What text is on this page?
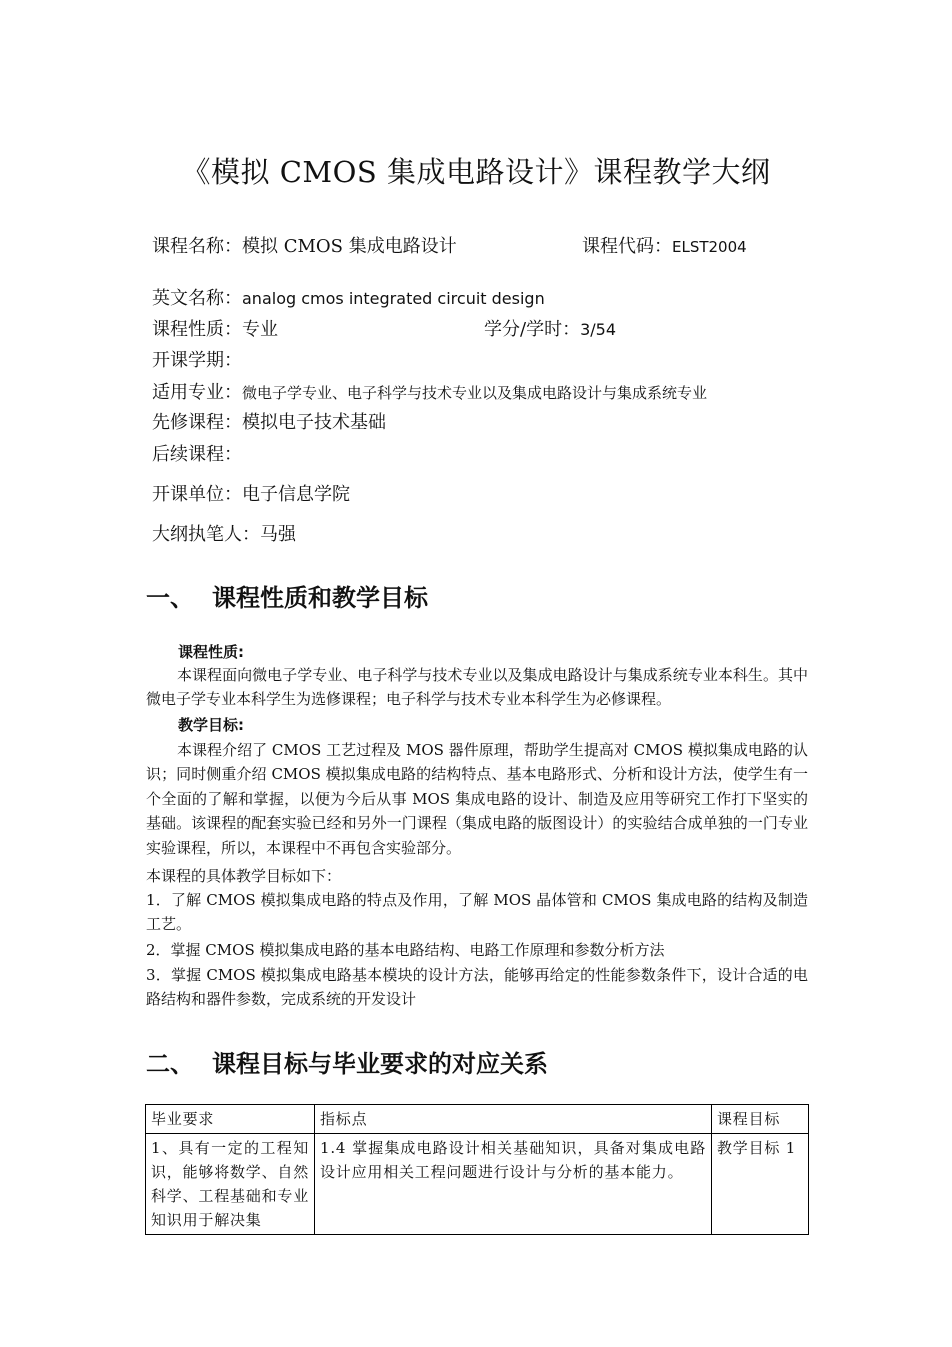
《模拟 CMOS 集成电路设计》课程教学大纲
课程名称：模拟 CMOS 集成电路设计	课程代码：ELST2004
英文名称：analog cmos integrated circuit design
课程性质：专业	学分/学时：3/54
开课学期：
适用专业：微电子学专业、电子科学与技术专业以及集成电路设计与集成系统专业
先修课程：模拟电子技术基础
后续课程：
开课单位：电子信息学院
大纲执笔人：马强
一、 课程性质和教学目标
课程性质:
本课程面向微电子学专业、电子科学与技术专业以及集成电路设计与集成系统专业本科生。其中微电子学专业本科学生为选修课程；电子科学与技术专业本科学生为必修课程。
教学目标:
本课程介绍了 CMOS 工艺过程及 MOS 器件原理，帮助学生提高对 CMOS 模拟集成电路的认识；同时侧重介绍 CMOS 模拟集成电路的结构特点、基本电路形式、分析和设计方法，使学生有一个全面的了解和掌握，以便为今后从事 MOS 集成电路的设计、制造及应用等研究工作打下坚实的基础。该课程的配套实验已经和另外一门课程（集成电路的版图设计）的实验结合成单独的一门专业实验课程，所以，本课程中不再包含实验部分。
本课程的具体教学目标如下：
1．了解 CMOS 模拟集成电路的特点及作用，了解 MOS 晶体管和 CMOS 集成电路的结构及制造工艺。
2．掌握 CMOS 模拟集成电路的基本电路结构、电路工作原理和参数分析方法
3．掌握 CMOS 模拟集成电路基本模块的设计方法，能够再给定的性能参数条件下，设计合适的电路结构和器件参数，完成系统的开发设计
二、 课程目标与毕业要求的对应关系
毕业要求	指标点	课程目标
1、具有一定的工程知识，能够将数学、自然科学、工程基础和专业知识用于解决集	1.4 掌握集成电路设计相关基础知识，具备对集成电路设计应用相关工程问题进行设计与分析的基本能力。	教学目标 1
